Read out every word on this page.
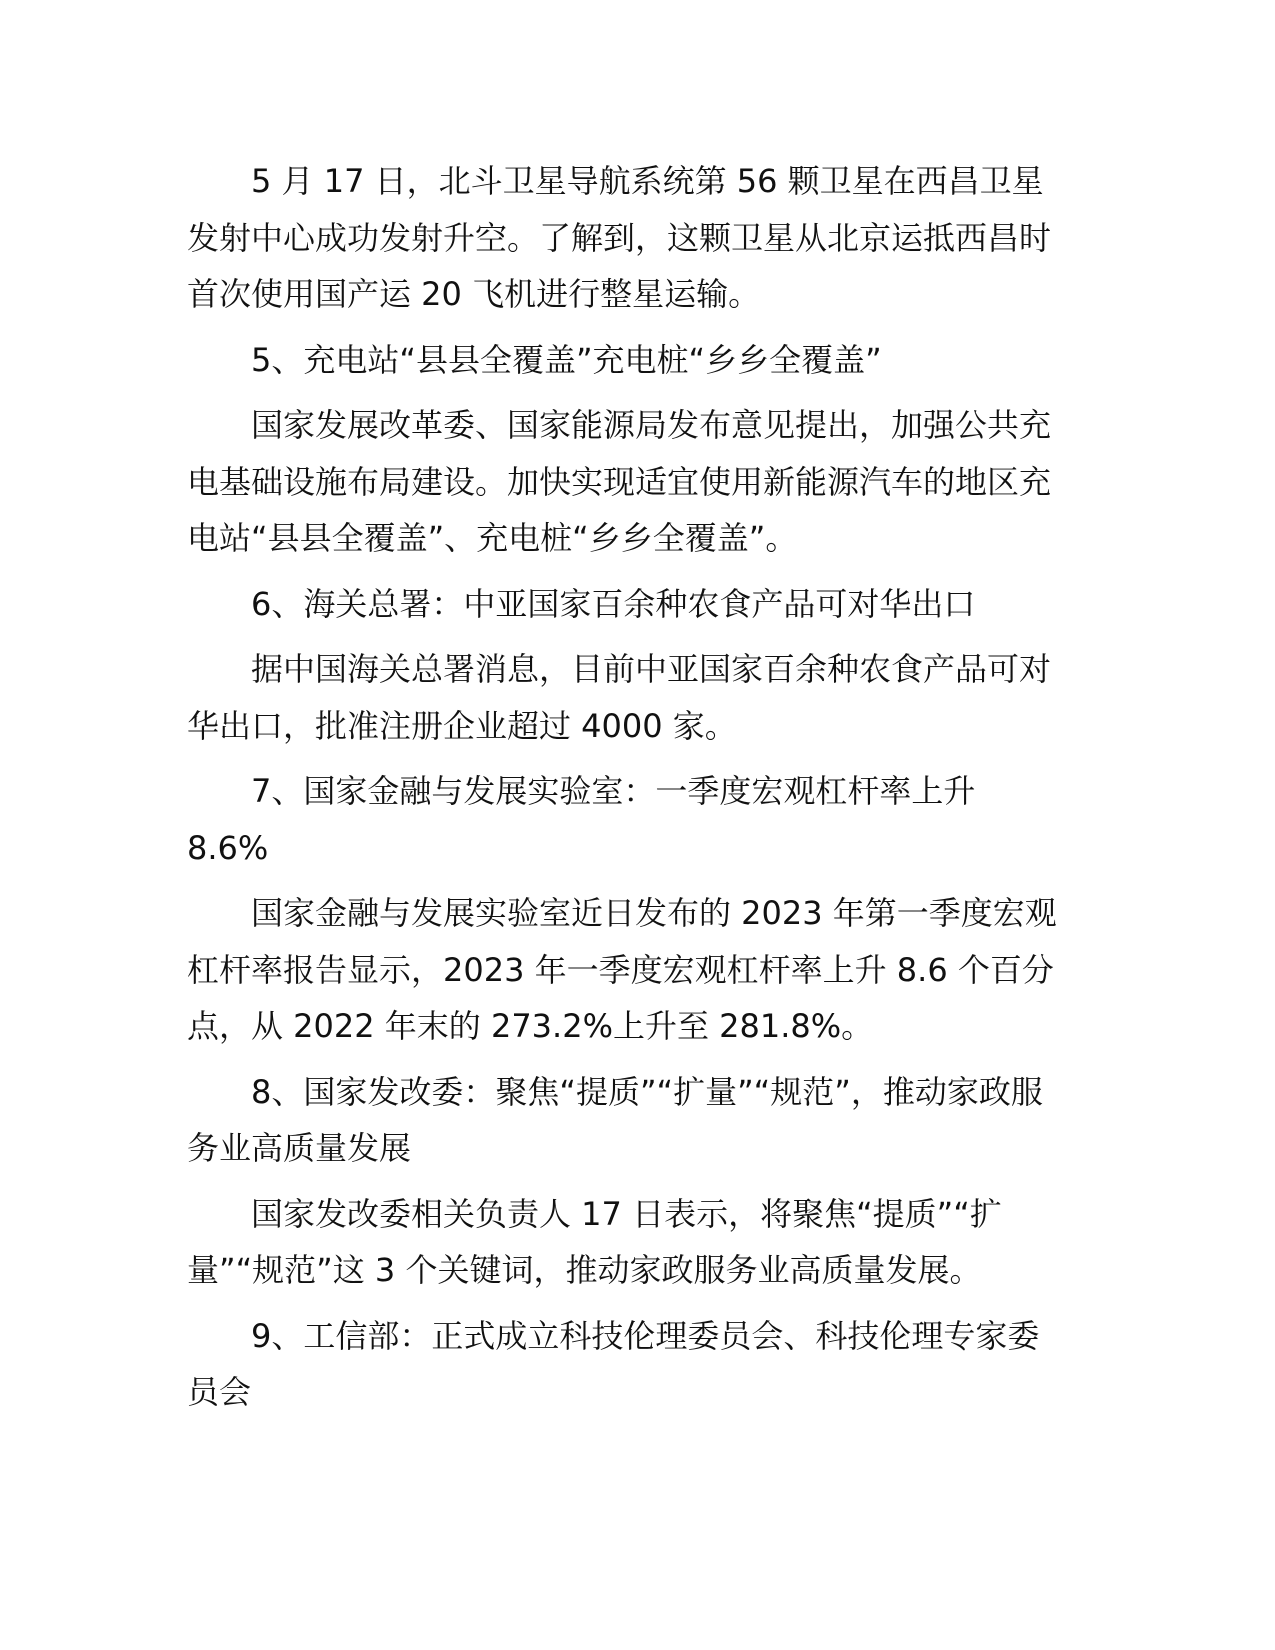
5 月 17 日，北斗卫星导航系统第 56 颗卫星在西昌卫星
发射中心成功发射升空。了解到，这颗卫星从北京运抵西昌时
首次使用国产运 20 飞机进行整星运输。
5、充电站“县县全覆盖”充电桩“乡乡全覆盖”
国家发展改革委、国家能源局发布意见提出，加强公共充
电基础设施布局建设。加快实现适宜使用新能源汽车的地区充
电站“县县全覆盖”、充电桩“乡乡全覆盖”。
6、海关总署：中亚国家百余种农食产品可对华出口
据中国海关总署消息，目前中亚国家百余种农食产品可对
华出口，批准注册企业超过 4000 家。
7、国家金融与发展实验室：一季度宏观杠杆率上升
8.6%
国家金融与发展实验室近日发布的 2023 年第一季度宏观
杠杆率报告显示，2023 年一季度宏观杠杆率上升 8.6 个百分
点，从 2022 年末的 273.2%上升至 281.8%。
8、国家发改委：聚焦“提质”“扩量”“规范”，推动家政服
务业高质量发展
国家发改委相关负责人 17 日表示，将聚焦“提质”“扩
量”“规范”这 3 个关键词，推动家政服务业高质量发展。
9、工信部：正式成立科技伦理委员会、科技伦理专家委
员会
